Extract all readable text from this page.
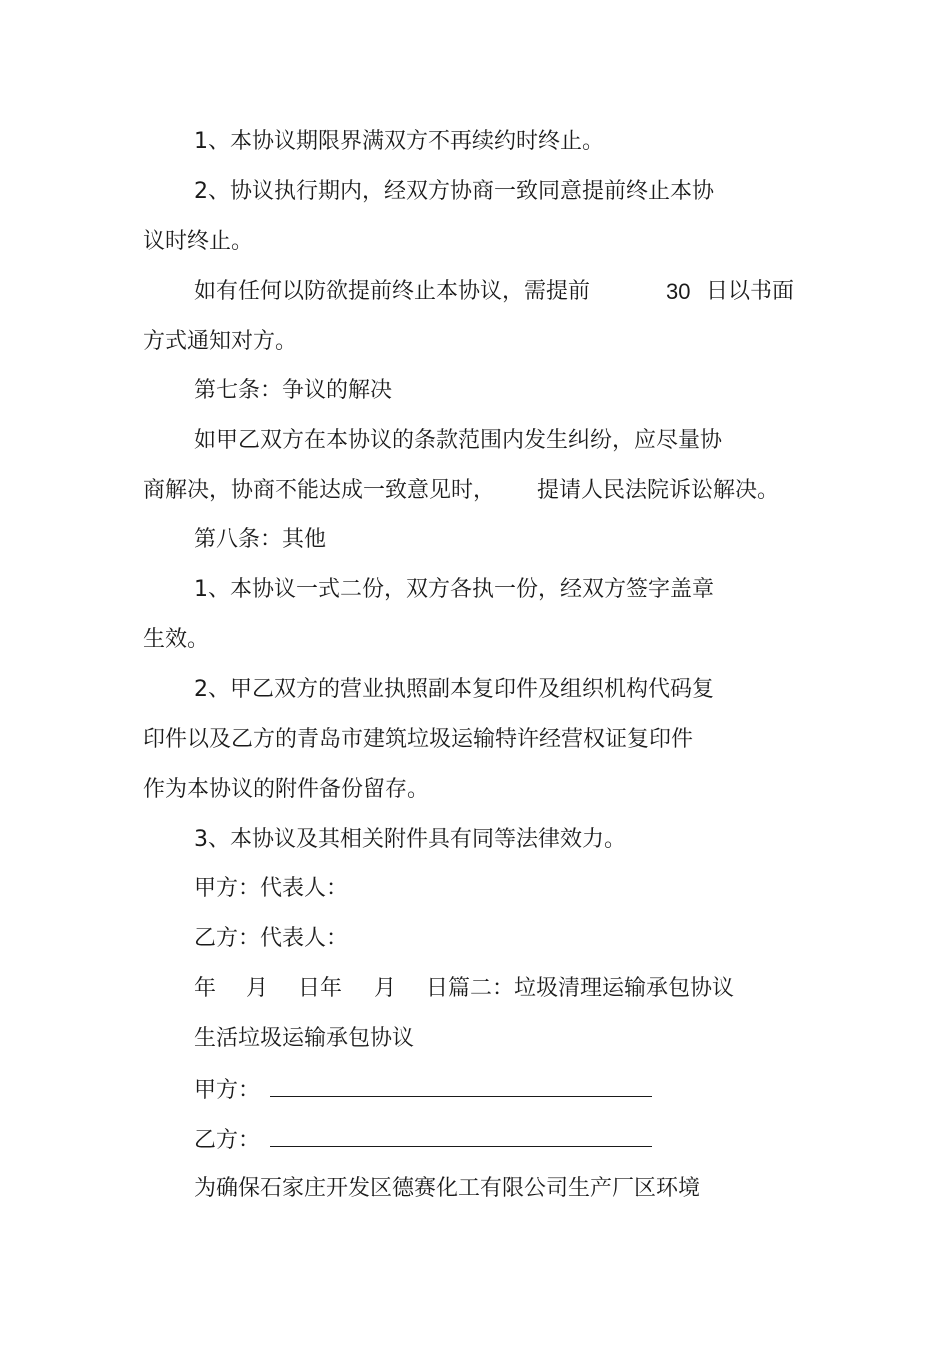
1、本协议期限界满双方不再续约时终止。
2、协议执行期内，经双方协商一致同意提前终止本协
议时终止。
如有任何以防欲提前终止本协议，需提前	30 日以书面
方式通知对方。
第七条：争议的解决
如甲乙双方在本协议的条款范围内发生纠纷，应尽量协
商解决，协商不能达成一致意见时， 提请人民法院诉讼解决。
第八条：其他
1、本协议一式二份，双方各执一份，经双方签字盖章
生效。
2、甲乙双方的营业执照副本复印件及组织机构代码复
印件以及乙方的青岛市建筑垃圾运输特许经营权证复印件
作为本协议的附件备份留存。
3、本协议及其相关附件具有同等法律效力。
甲方：代表人：
乙方：代表人：
年 月 日年 月 日篇二：垃圾清理运输承包协议
生活垃圾运输承包协议
甲方：
乙方：
为确保石家庄开发区德赛化工有限公司生产厂区环境
